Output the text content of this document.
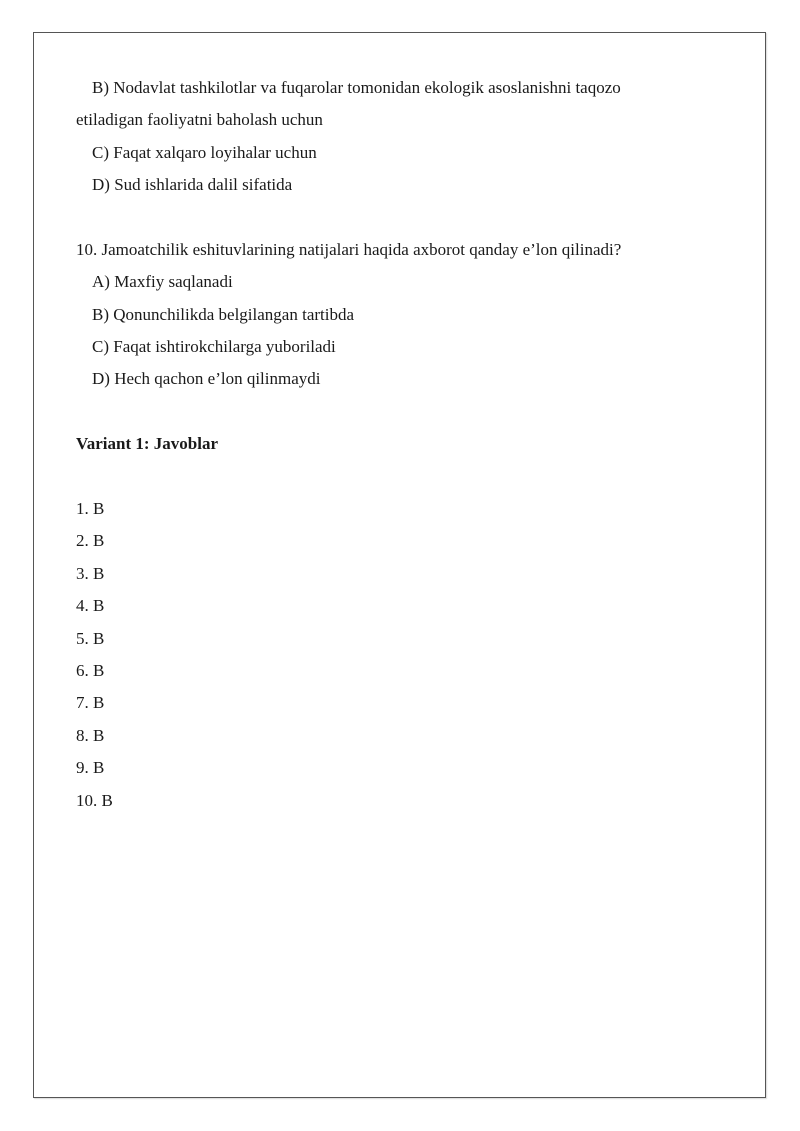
B) Nodavlat tashkilotlar va fuqarolar tomonidan ekologik asoslanishni taqozo
etiladigan faoliyatni baholash uchun
C) Faqat xalqaro loyihalar uchun
D) Sud ishlarida dalil sifatida
10. Jamoatchilik eshituvlarining natijalari haqida axborot qanday e’lon qilinadi?
A) Maxfiy saqlanadi
B) Qonunchilikda belgilangan tartibda
C) Faqat ishtirokchilarga yuboriladi
D) Hech qachon e’lon qilinmaydi
Variant 1: Javoblar
1. B
2. B
3. B
4. B
5. B
6. B
7. B
8. B
9. B
10. B
